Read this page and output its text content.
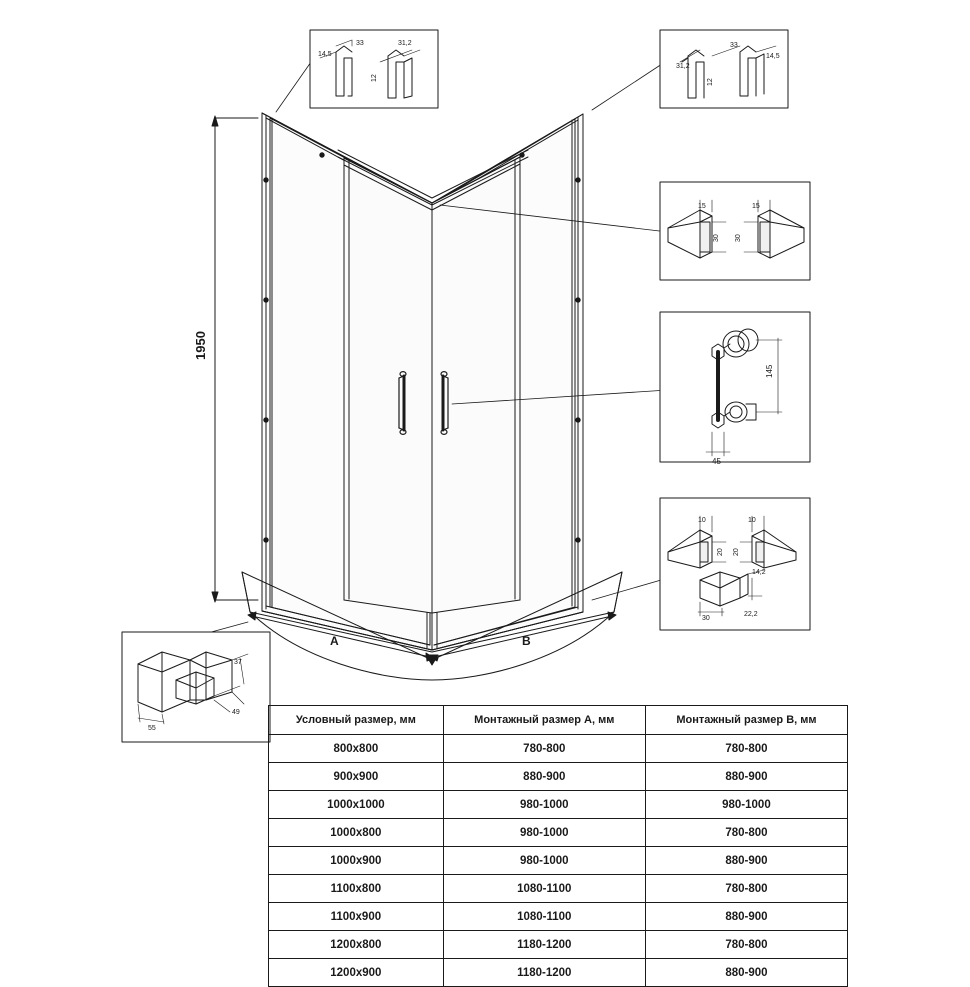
14,5
33	31,2
12
31,2
33
14,5
12
15	15
30 30
145
45
10	10
20 20
14,2
30
22,2
37
55
49
1950
A	B
Условный размер, мм	Монтажный размер A, мм	Монтажный размер B, мм
800х800	780-800	780-800
900х900	880-900	880-900
1000х1000	980-1000	980-1000
1000х800	980-1000	780-800
1000х900	980-1000	880-900
1100х800	1080-1100	780-800
1100х900	1080-1100	880-900
1200х800	1180-1200	780-800
1200х900	1180-1200	880-900
